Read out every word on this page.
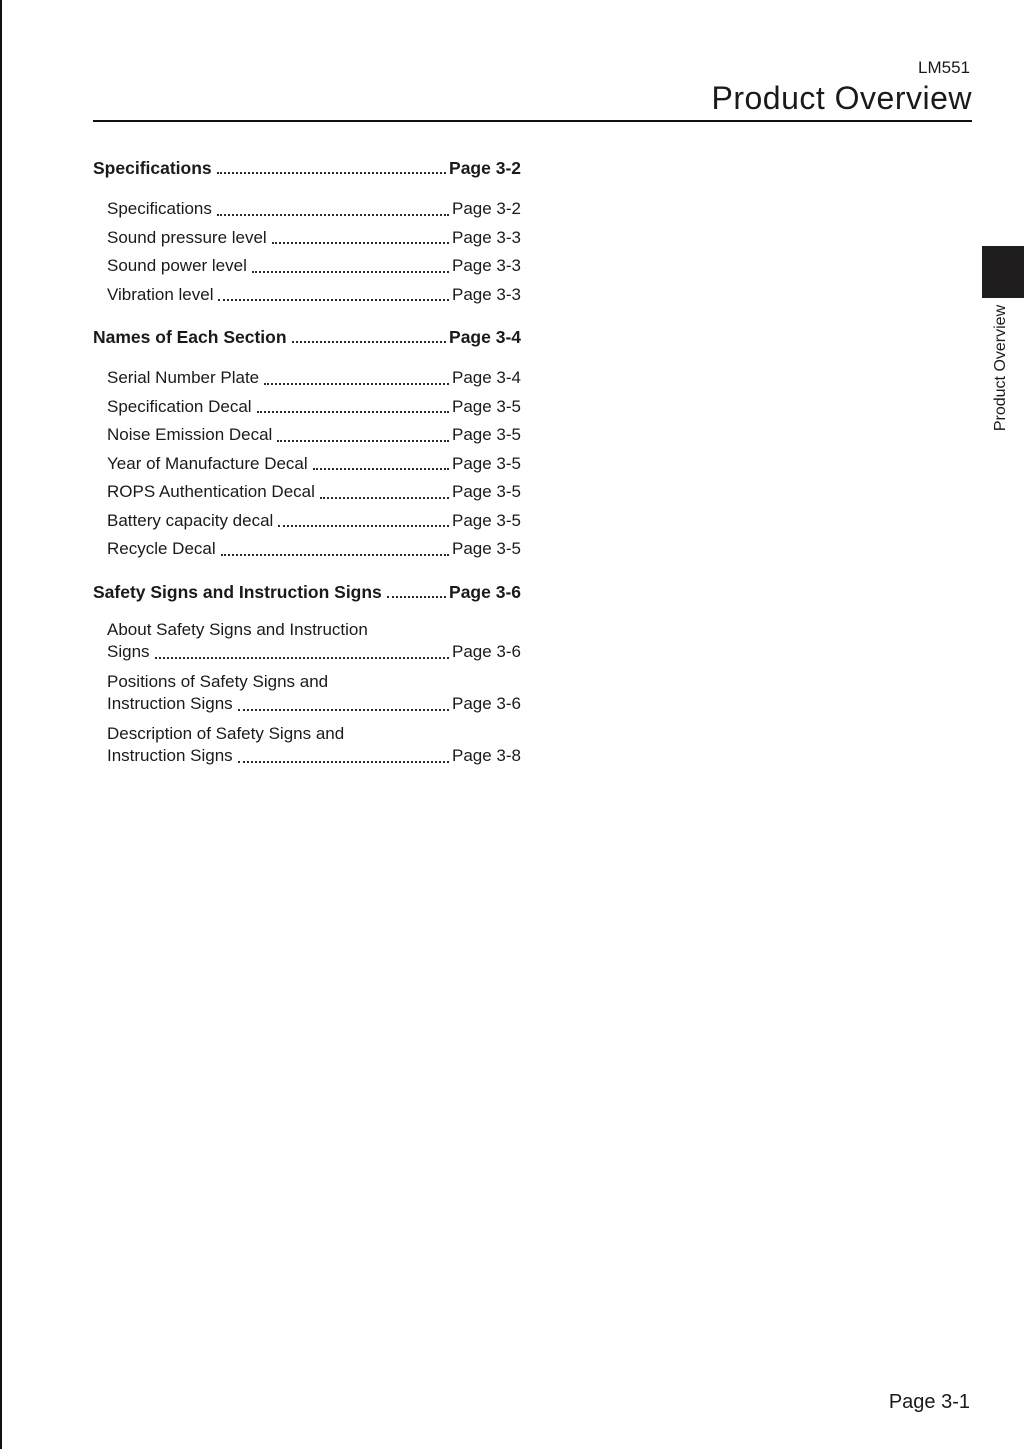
LM551
Product Overview
Specifications	Page 3-2
Specifications	Page 3-2
Sound pressure level	Page 3-3
Sound power level	Page 3-3
Vibration level	Page 3-3
Names of Each Section	Page 3-4
Serial Number Plate	Page 3-4
Specification Decal	Page 3-5
Noise Emission Decal	Page 3-5
Year of Manufacture Decal	Page 3-5
ROPS Authentication Decal	Page 3-5
Battery capacity decal	Page 3-5
Recycle Decal	Page 3-5
Safety Signs and Instruction Signs	Page 3-6
About Safety Signs and Instruction
Signs	Page 3-6
Positions of Safety Signs and
Instruction Signs	Page 3-6
Description of Safety Signs and
Instruction Signs	Page 3-8
Page 3-1
Product Overview
